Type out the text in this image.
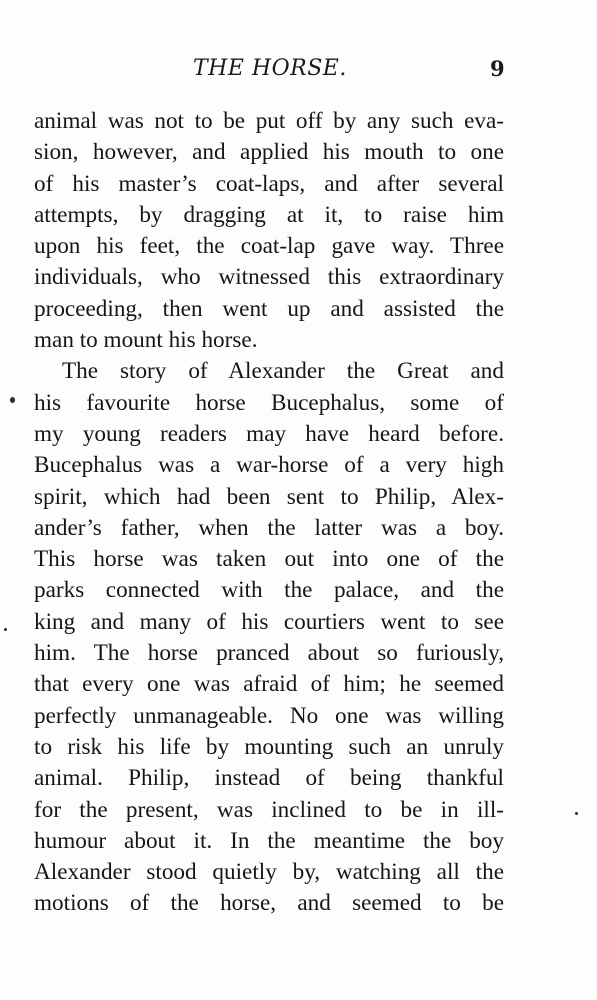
THE HORSE.	9
animal was not to be put off by any such eva-
sion, however, and applied his mouth to one
of his master’s coat-laps, and after several
attempts, by dragging at it, to raise him
upon his feet, the coat-lap gave way. Three
individuals, who witnessed this extraordinary
proceeding, then went up and assisted the
man to mount his horse.
The story of Alexander the Great and
his favourite horse Bucephalus, some of
my young readers may have heard before.
Bucephalus was a war-horse of a very high
spirit, which had been sent to Philip, Alex-
ander’s father, when the latter was a boy.
This horse was taken out into one of the
parks connected with the palace, and the
king and many of his courtiers went to see
him. The horse pranced about so furiously,
that every one was afraid of him; he seemed
perfectly unmanageable. No one was willing
to risk his life by mounting such an unruly
animal. Philip, instead of being thankful
for the present, was inclined to be in ill-
humour about it. In the meantime the boy
Alexander stood quietly by, watching all the
motions of the horse, and seemed to be
